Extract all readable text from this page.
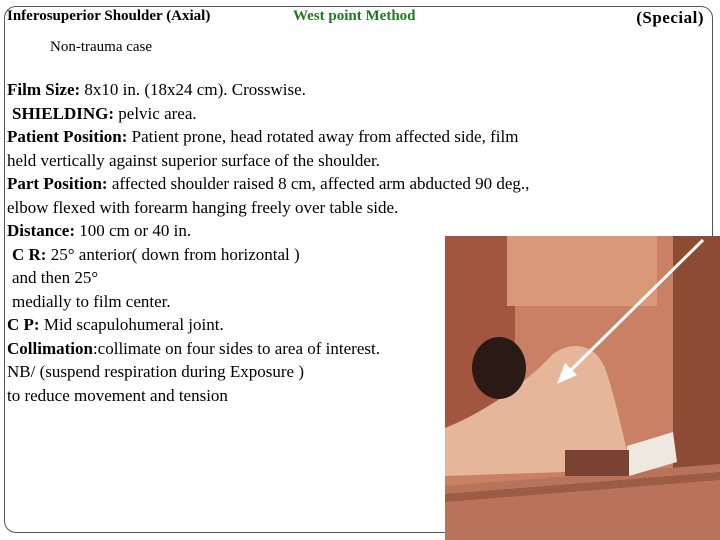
Inferosuperior Shoulder (Axial)	West point Method	(Special)
Non-trauma case

Film Size: 8x10 in. (18x24 cm). Crosswise.

SHIELDING: pelvic area.

Patient Position: Patient prone, head rotated away from affected side, film held vertically against superior surface of the shoulder.

Part Position: affected shoulder raised 8 cm, affected arm abducted 90 deg., elbow flexed with forearm hanging freely over table side.

Distance: 100 cm or 40 in.

C R: 25° anterior( down from horizontal )

and then 25°

medially to film center.

C P: Mid scapulohumeral joint.

Collimation:collimate on four sides to area of interest.

NB/ (suspend respiration during Exposure )

to reduce movement and tension
